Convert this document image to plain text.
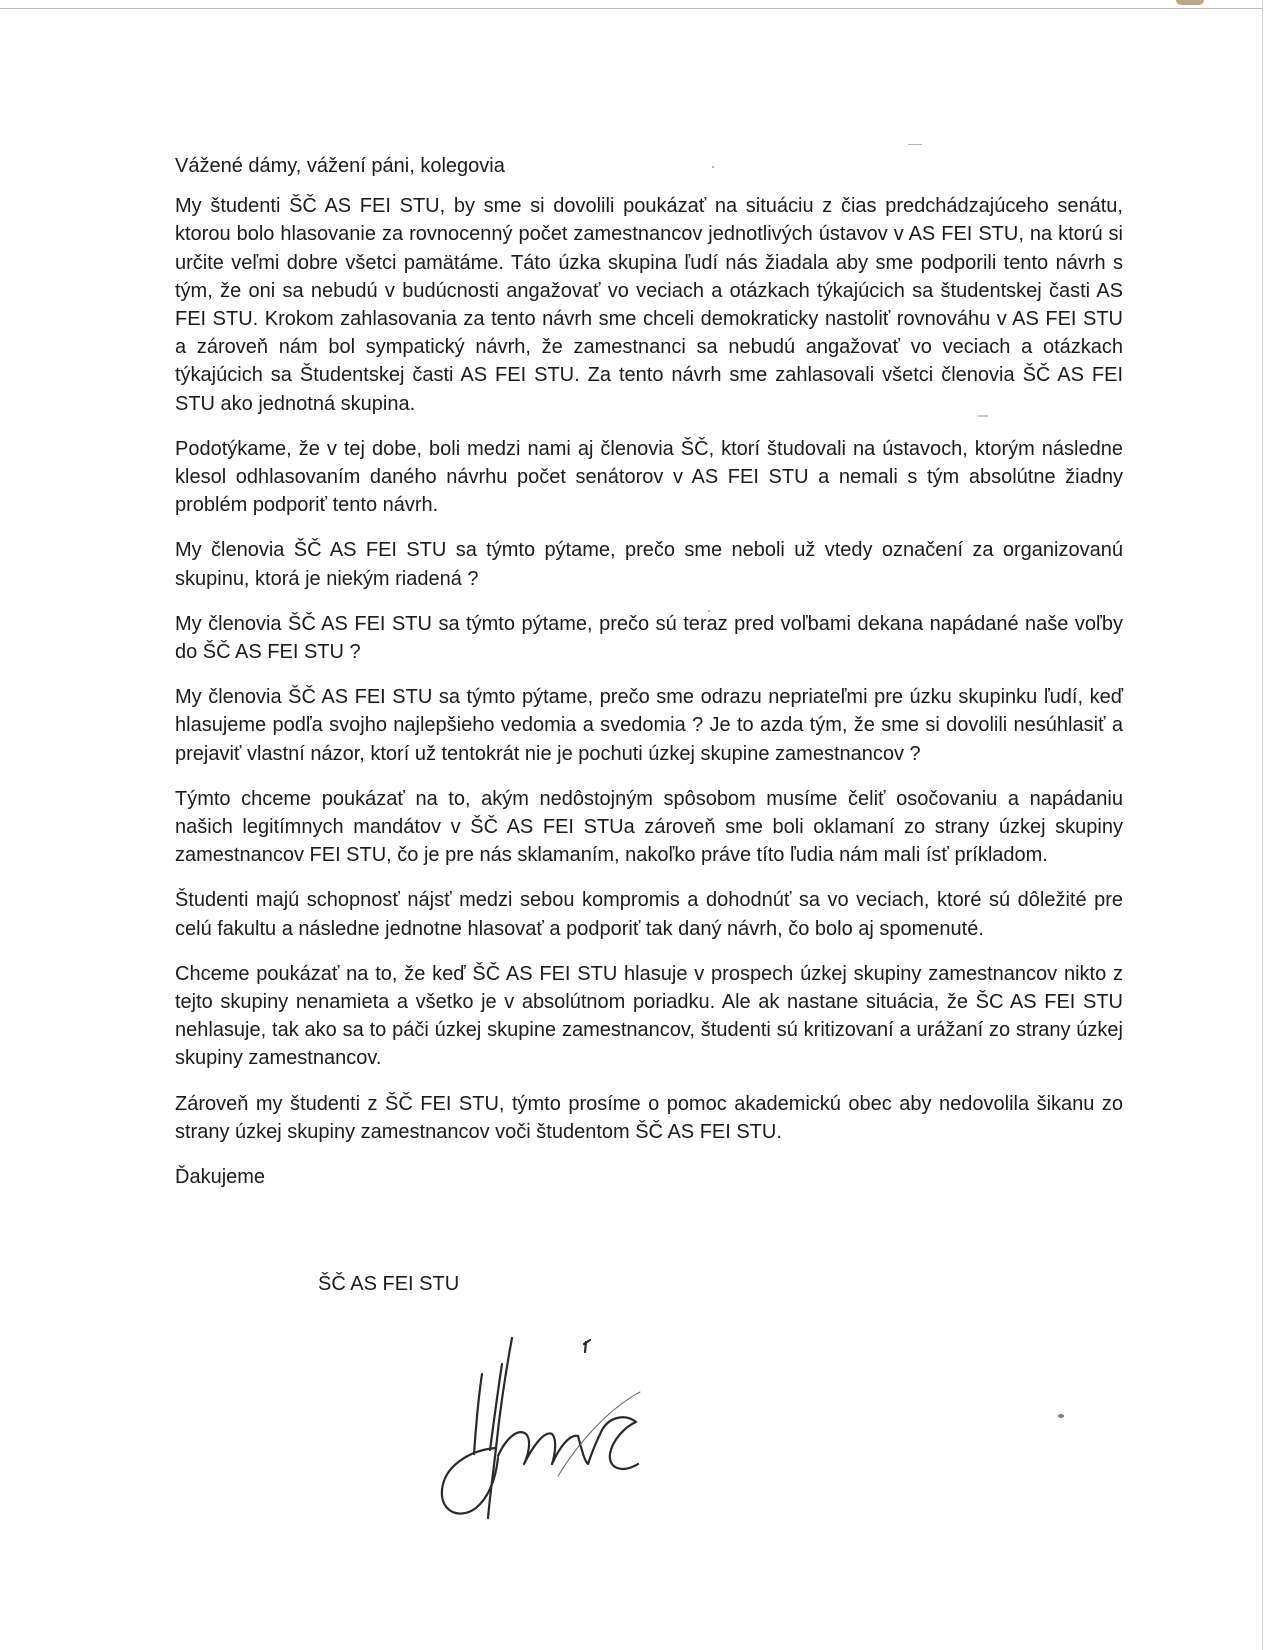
Vážené dámy, vážení páni, kolegovia

My študenti ŠČ AS FEI STU, by sme si dovolili poukázať na situáciu z čias predchádzajúceho senátu, ktorou bolo hlasovanie za rovnocenný počet zamestnancov jednotlivých ústavov v AS FEI STU, na ktorú si určite veľmi dobre všetci pamätáme. Táto úzka skupina ľudí nás žiadala aby sme podporili tento návrh s tým, že oni sa nebudú v budúcnosti angažovať vo veciach a otázkach týkajúcich sa študentskej časti AS FEI STU. Krokom zahlasovania za tento návrh sme chceli demokraticky nastoliť rovnováhu v AS FEI STU a zároveň nám bol sympatický návrh, že zamestnanci sa nebudú angažovať vo veciach a otázkach týkajúcich sa Študentskej časti AS FEI STU. Za tento návrh sme zahlasovali všetci členovia ŠČ AS FEI STU ako jednotná skupina.

Podotýkame, že v tej dobe, boli medzi nami aj členovia ŠČ, ktorí študovali na ústavoch, ktorým následne klesol odhlasovaním daného návrhu počet senátorov v AS FEI STU a nemali s tým absolútne žiadny problém podporiť tento návrh.

My členovia ŠČ AS FEI STU sa týmto pýtame, prečo sme neboli už vtedy označení za organizovanú skupinu, ktorá je niekým riadená ?

My členovia ŠČ AS FEI STU sa týmto pýtame, prečo sú teraz pred voľbami dekana napádané naše voľby do ŠČ AS FEI STU ?

My členovia ŠČ AS FEI STU sa týmto pýtame, prečo sme odrazu nepriateľmi pre úzku skupinku ľudí, keď hlasujeme podľa svojho najlepšieho vedomia a svedomia ? Je to azda tým, že sme si dovolili nesúhlasiť a prejaviť vlastní názor, ktorí už tentokrát nie je pochuti úzkej skupine zamestnancov ?

Týmto chceme poukázať na to, akým nedôstojným spôsobom musíme čeliť osočovaniu a napádaniu našich legitímnych mandátov v ŠČ AS FEI STUa zároveň sme boli oklamaní zo strany úzkej skupiny zamestnancov FEI STU, čo je pre nás sklamaním, nakoľko práve títo ľudia nám mali ísť príkladom.

Študenti majú schopnosť nájsť medzi sebou kompromis a dohodnúť sa vo veciach, ktoré sú dôležité pre celú fakultu a následne jednotne hlasovať a podporiť tak daný návrh, čo bolo aj spomenuté.

Chceme poukázať na to, že keď ŠČ AS FEI STU hlasuje v prospech úzkej skupiny zamestnancov nikto z tejto skupiny nenamieta a všetko je v absolútnom poriadku. Ale ak nastane situácia, že ŠC AS FEI STU nehlasuje, tak ako sa to páči úzkej skupine zamestnancov, študenti sú kritizovaní a urážaní zo strany úzkej skupiny zamestnancov.

Zároveň my študenti z ŠČ FEI STU, týmto prosíme o pomoc akademickú obec aby nedovolila šikanu zo strany úzkej skupiny zamestnancov voči študentom ŠČ AS FEI STU.

Ďakujeme

ŠČ AS FEI STU
